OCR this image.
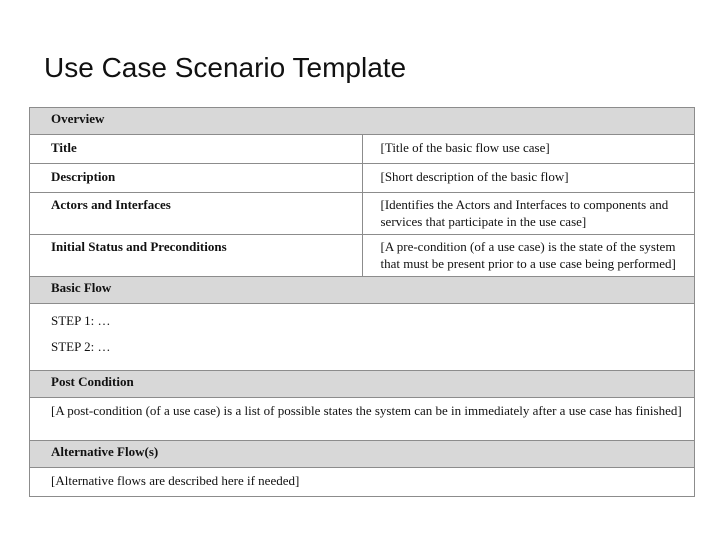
Use Case Scenario Template
Overview	
Title	[Title of the basic flow use case]
Description	[Short description of the basic flow]
Actors and Interfaces	[Identifies the Actors and Interfaces to components and services that participate in the use case]
Initial Status and Preconditions	[A pre-condition (of a use case) is the state of the system that must be present prior to a use case being performed]
Basic Flow	

STEP 1: …
STEP 2: …	

Post Condition	
[A post-condition (of a use case) is a list of possible states the system can be in immediately after a use case has finished]	
Alternative Flow(s)	
[Alternative flows are described here if needed]	
